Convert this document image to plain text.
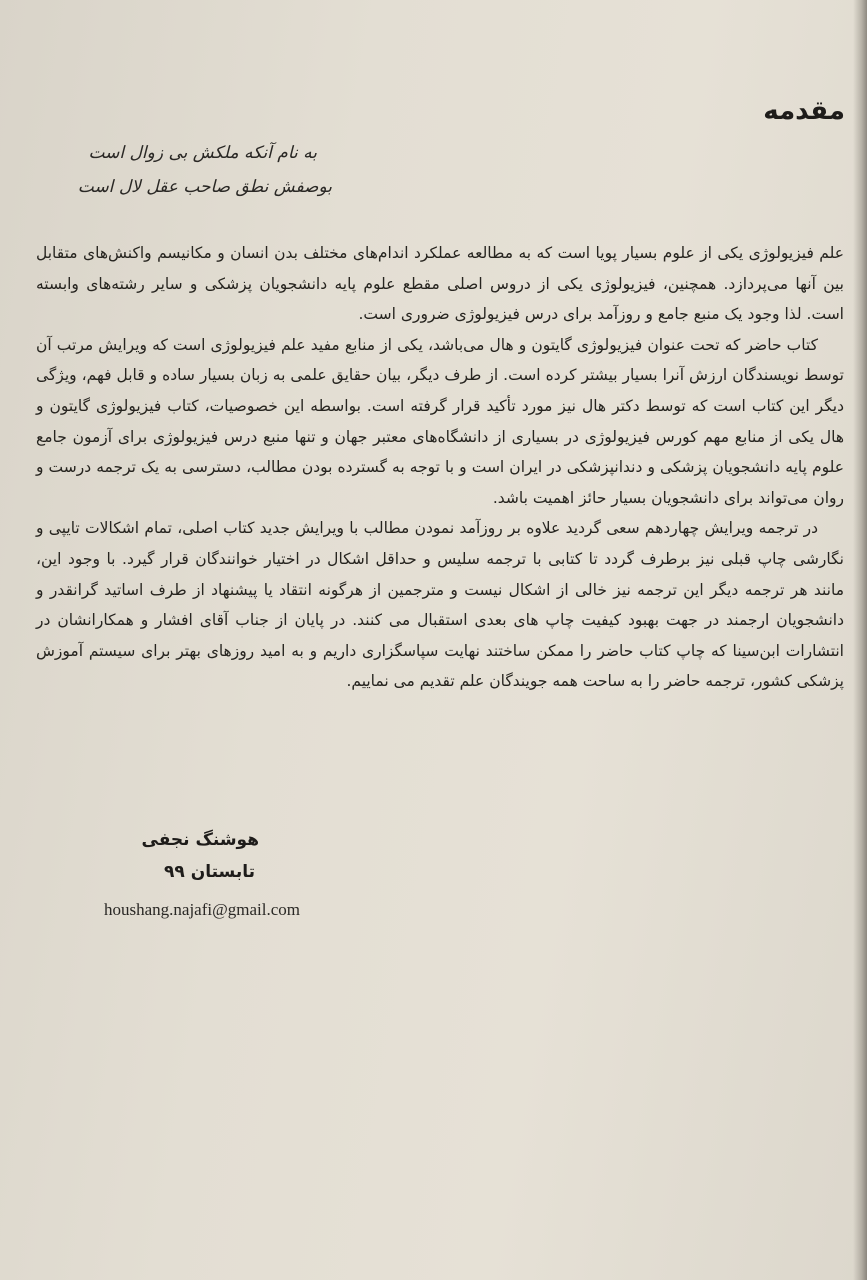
مقدمه

به نام آنکه ملکش بی زوال است

بوصفش نطق صاحب عقل لال است

علم فیزیولوژی یکی از علوم بسیار پویا است که به مطالعه عملکرد اندام‌های مختلف بدن انسان و مکانیسم واکنش‌های متقابل بین آنها می‌پردازد. همچنین، فیزیولوژی یکی از دروس اصلی مقطع علوم پایه دانشجویان پزشکی و سایر رشته‌های وابسته است. لذا وجود یک منبع جامع و روزآمد برای درس فیزیولوژی ضروری است.

کتاب حاضر که تحت عنوان فیزیولوژی گایتون و هال می‌باشد، یکی از منابع مفید علم فیزیولوژی است که ویرایش مرتب آن توسط نویسندگان ارزش آنرا بسیار بیشتر کرده است. از طرف دیگر، بیان حقایق علمی به زبان بسیار ساده و قابل فهم، ویژگی دیگر این کتاب است که توسط دکتر هال نیز مورد تأکید قرار گرفته است. بواسطه این خصوصیات، کتاب فیزیولوژی گایتون و هال یکی از منابع مهم کورس فیزیولوژی در بسیاری از دانشگاه‌های معتبر جهان و تنها منبع درس فیزیولوژی برای آزمون جامع علوم پایه دانشجویان پزشکی و دندانپزشکی در ایران است و با توجه به گسترده بودن مطالب، دسترسی به یک ترجمه درست و روان می‌تواند برای دانشجویان بسیار حائز اهمیت باشد.

در ترجمه ویرایش چهاردهم سعی گردید علاوه بر روزآمد نمودن مطالب با ویرایش جدید کتاب اصلی، تمام اشکالات تایپی و نگارشی چاپ قبلی نیز برطرف گردد تا کتابی با ترجمه سلیس و حداقل اشکال در اختیار خوانندگان قرار گیرد. با وجود این، مانند هر ترجمه دیگر این ترجمه نیز خالی از اشکال نیست و مترجمین از هرگونه انتقاد یا پیشنهاد از طرف اساتید گرانقدر و دانشجویان ارجمند در جهت بهبود کیفیت چاپ های بعدی استقبال می کنند. در پایان از جناب آقای افشار و همکارانشان در انتشارات ابن‌سینا که چاپ کتاب حاضر را ممکن ساختند نهایت سپاسگزاری داریم و به امید روزهای بهتر برای سیستم آموزش پزشکی کشور، ترجمه حاضر را به ساحت همه جویندگان علم تقدیم می نماییم.

هوشنگ نجفی
تابستان ۹۹
houshang.najafi@gmail.com
